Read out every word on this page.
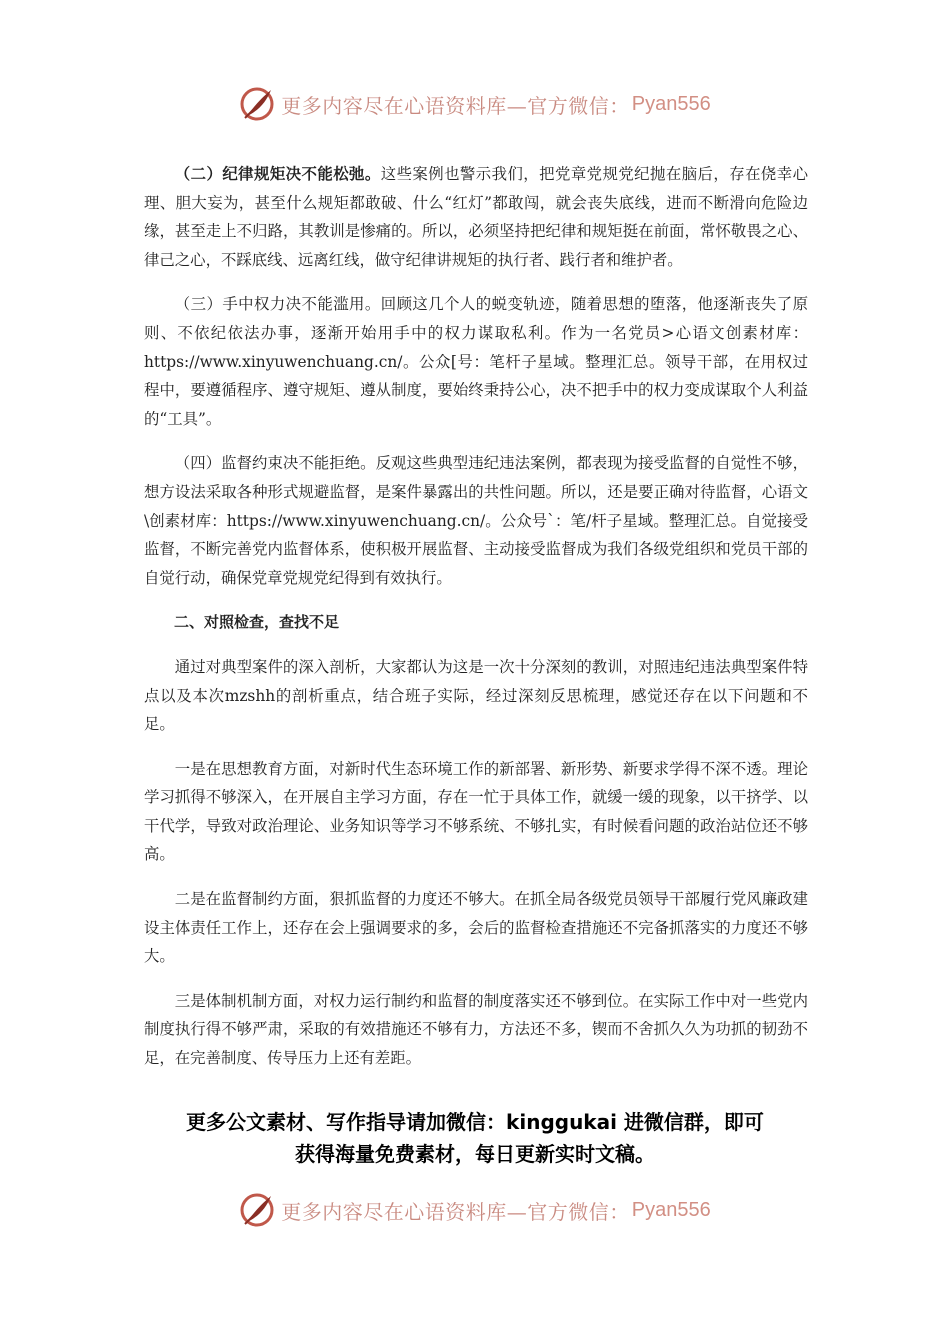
更多内容尽在心语资料库—官方微信： Pyan556

（二）纪律规矩决不能松弛。这些案例也警示我们，把党章党规党纪抛在脑后，存在侥幸心理、胆大妄为，甚至什么规矩都敢破、什么“红灯”都敢闯，就会丧失底线，进而不断滑向危险边缘，甚至走上不归路，其教训是惨痛的。所以，必须坚持把纪律和规矩挺在前面，常怀敬畏之心、律己之心，不踩底线、远离红线，做守纪律讲规矩的执行者、践行者和维护者。

（三）手中权力决不能滥用。回顾这几个人的蜕变轨迹，随着思想的堕落，他逐渐丧失了原则、不依纪依法办事，逐渐开始用手中的权力谋取私利。作为一名党员>心语文创素材库：https://www.xinyuwenchuang.cn/。公众[号：笔杆子星域。整理汇总。领导干部，在用权过程中，要遵循程序、遵守规矩、遵从制度，要始终秉持公心，决不把手中的权力变成谋取个人利益的“工具”。

（四）监督约束决不能拒绝。反观这些典型违纪违法案例，都表现为接受监督的自觉性不够，想方设法采取各种形式规避监督，是案件暴露出的共性问题。所以，还是要正确对待监督，心语文\创素材库：https://www.xinyuwenchuang.cn/。公众号`：笔/杆子星域。整理汇总。自觉接受监督，不断完善党内监督体系，使积极开展监督、主动接受监督成为我们各级党组织和党员干部的自觉行动，确保党章党规党纪得到有效执行。

二、对照检查，查找不足

通过对典型案件的深入剖析，大家都认为这是一次十分深刻的教训，对照违纪违法典型案件特点以及本次mzshh的剖析重点，结合班子实际，经过深刻反思梳理，感觉还存在以下问题和不足。

一是在思想教育方面，对新时代生态环境工作的新部署、新形势、新要求学得不深不透。理论学习抓得不够深入，在开展自主学习方面，存在一忙于具体工作，就缓一缓的现象，以干挤学、以干代学，导致对政治理论、业务知识等学习不够系统、不够扎实，有时候看问题的政治站位还不够高。

二是在监督制约方面，狠抓监督的力度还不够大。在抓全局各级党员领导干部履行党风廉政建设主体责任工作上，还存在会上强调要求的多，会后的监督检查措施还不完备抓落实的力度还不够大。

三是体制机制方面，对权力运行制约和监督的制度落实还不够到位。在实际工作中对一些党内制度执行得不够严肃，采取的有效措施还不够有力，方法还不多，锲而不舍抓久久为功抓的韧劲不足，在完善制度、传导压力上还有差距。

更多公文素材、写作指导请加微信：kinggukai 进微信群，即可
获得海量免费素材，每日更新实时文稿。
更多内容尽在心语资料库—官方微信： Pyan556
